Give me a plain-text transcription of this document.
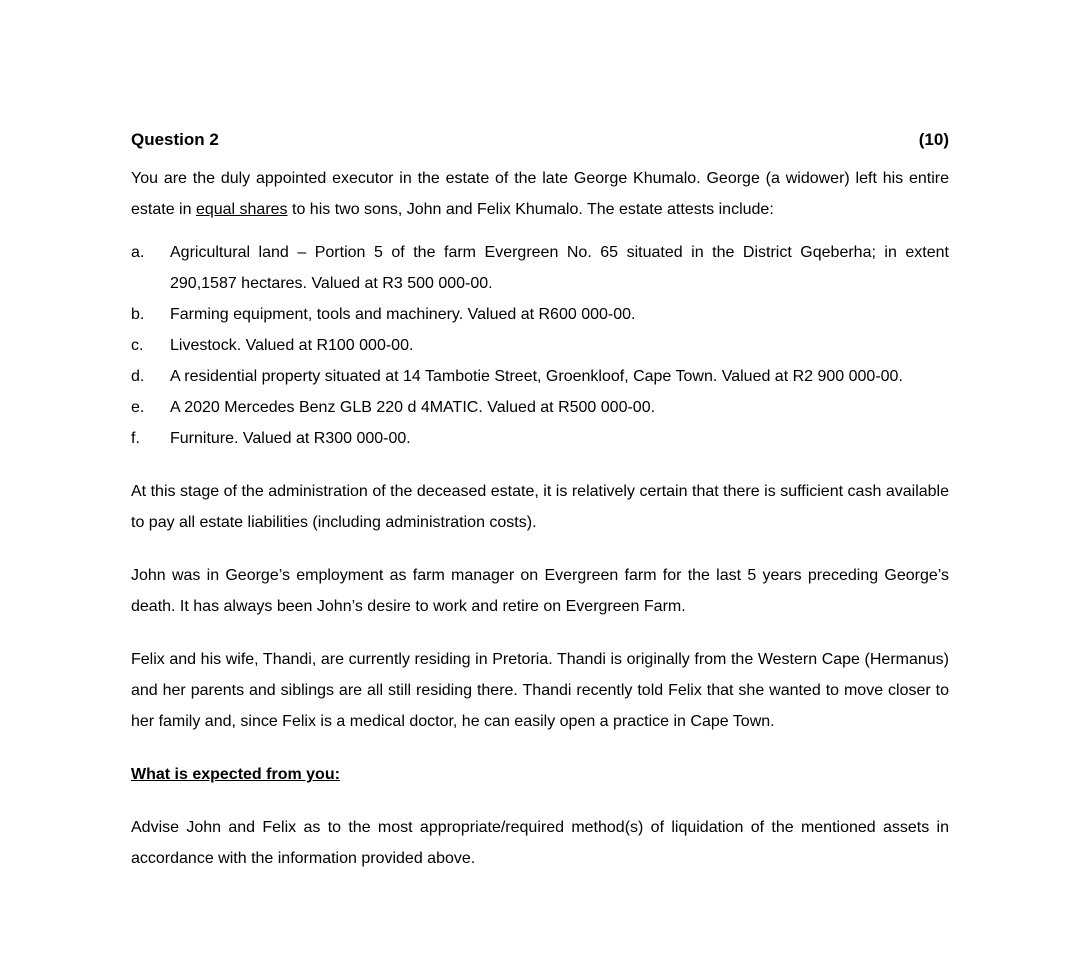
Question 2	(10)

You are the duly appointed executor in the estate of the late George Khumalo. George (a widower) left his entire estate in equal shares to his two sons, John and Felix Khumalo. The estate attests include:

a.	Agricultural land – Portion 5 of the farm Evergreen No. 65 situated in the District Gqeberha; in extent 290,1587 hectares. Valued at R3 500 000-00.
b.	Farming equipment, tools and machinery. Valued at R600 000-00.
c.	Livestock. Valued at R100 000-00.
d.	A residential property situated at 14 Tambotie Street, Groenkloof, Cape Town. Valued at R2 900 000-00.
e.	A 2020 Mercedes Benz GLB 220 d 4MATIC. Valued at R500 000-00.
f.	Furniture. Valued at R300 000-00.

At this stage of the administration of the deceased estate, it is relatively certain that there is sufficient cash available to pay all estate liabilities (including administration costs).

John was in George’s employment as farm manager on Evergreen farm for the last 5 years preceding George’s death. It has always been John’s desire to work and retire on Evergreen Farm.

Felix and his wife, Thandi, are currently residing in Pretoria. Thandi is originally from the Western Cape (Hermanus) and her parents and siblings are all still residing there. Thandi recently told Felix that she wanted to move closer to her family and, since Felix is a medical doctor, he can easily open a practice in Cape Town.

What is expected from you:

Advise John and Felix as to the most appropriate/required method(s) of liquidation of the mentioned assets in accordance with the information provided above.
